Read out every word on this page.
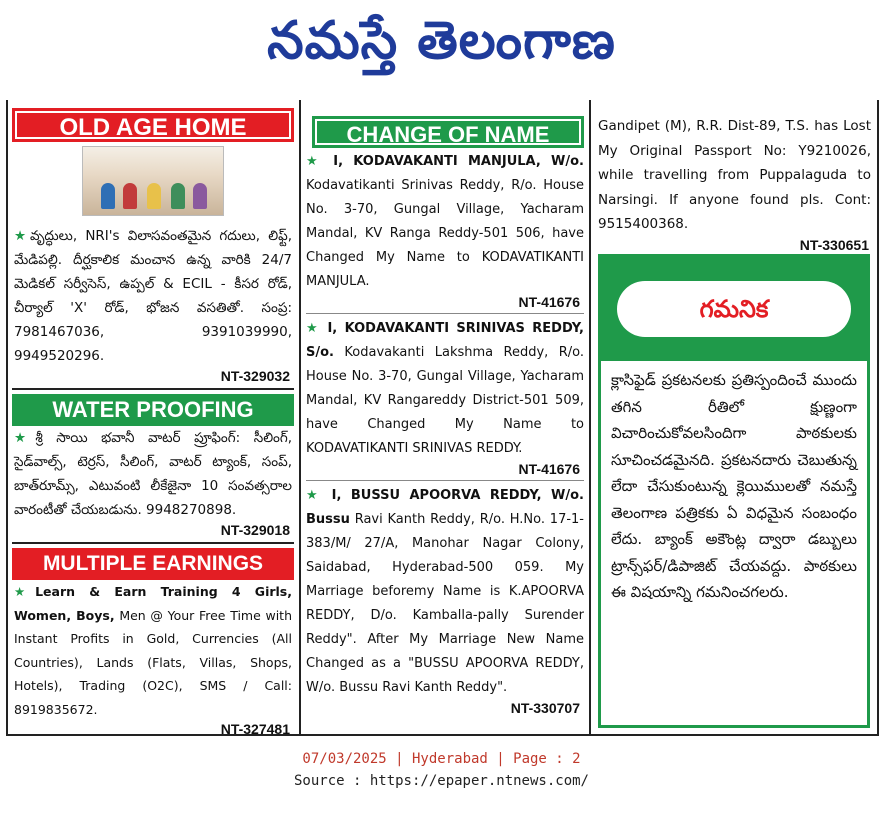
నమస్తే తెలంగాణ
OLD AGE HOME
★వృద్ధులు, NRI's విలాసవంతమైన గదులు, లిఫ్ట్, మేడిపల్లి. దీర్ఘకాలిక మంచాన ఉన్న వారికి 24/7 మెడికల్ సర్వీసెస్, ఉప్పల్ & ECIL - కీసర రోడ్, చీర్యాల్ 'X' రోడ్, భోజన వసతితో. సంప్ర: 7981467036, 9391039990, 9949520296.
NT-329032
WATER PROOFING
★శ్రీ సాయి భవానీ వాటర్ ప్రూఫింగ్: సీలింగ్, సైడ్‌వాల్స్, టెర్రస్, సీలింగ్, వాటర్ ట్యాంక్, సంప్, బాత్‌రూమ్స్, ఎటువంటి లీకేజైనా 10 సంవత్సరాల వారంటీతో చేయబడును. 9948270898.
NT-329018
MULTIPLE EARNINGS
★Learn & Earn Training 4 Girls, Women, Boys, Men @ Your Free Time with Instant Profits in Gold, Currencies (All Countries), Lands (Flats, Villas, Shops, Hotels), Trading (O2C), SMS / Call: 8919835672.
NT-327481
CHANGE OF NAME
★ I, KODAVAKANTI MANJULA, W/o. Kodavatikanti Srinivas Reddy, R/o. House No. 3-70, Gungal Village, Yacharam Mandal, KV Ranga Reddy-501 506, have Changed My Name to KODAVATIKANTI MANJULA.
NT-41676
★ I, KODAVAKANTI SRINIVAS REDDY, S/o. Kodavakanti Lakshma Reddy, R/o. House No. 3-70, Gungal Village, Yacharam Mandal, KV Rangareddy District-501 509, have Changed My Name to KODAVATIKANTI SRINIVAS REDDY.
NT-41676
★ I, BUSSU APOORVA REDDY, W/o. Bussu Ravi Kanth Reddy, R/o. H.No. 17-1-383/M/ 27/A, Manohar Nagar Colony, Saidabad, Hyderabad-500 059. My Marriage beforemy Name is K.APOORVA REDDY, D/o. Kamballa-pally Surender Reddy". After My Marriage New Name Changed as a "BUSSU APOORVA REDDY, W/o. Bussu Ravi Kanth Reddy".
NT-330707
Gandipet (M), R.R. Dist-89, T.S. has Lost My Original Passport No: Y9210026, while travelling from Puppalaguda to Narsingi. If anyone found pls. Cont: 9515400368.
NT-330651
గమనిక
క్లాసిఫైడ్ ప్రకటనలకు ప్రతిస్పందించే ముందు తగిన రీతిలో క్షుణ్ణంగా విచారించుకోవలసిందిగా పాఠకులకు సూచించడమైనది. ప్రకటనదారు చెబుతున్న లేదా చేసుకుంటున్న క్లెయిములతో నమస్తే తెలంగాణ పత్రికకు ఏ విధమైన సంబంధం లేదు. బ్యాంక్ అకౌంట్ల ద్వారా డబ్బులు ట్రాన్స్‌ఫర్/డిపాజిట్ చేయవద్దు. పాఠకులు ఈ విషయాన్ని గమనించగలరు.
07/03/2025 | Hyderabad | Page : 2
Source : https://epaper.ntnews.com/
